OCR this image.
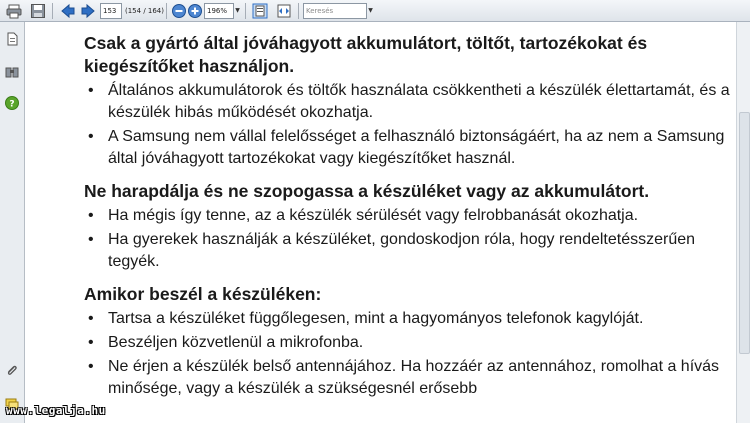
153	(154 / 164)	196%	▼	Keresés	▼
?

Csak a gyártó által jóváhagyott akkumulátort, töltőt, tartozékokat és kiegészítőket használjon.

• Általános akkumulátorok és töltők használata csökkentheti a készülék élettartamát, és a készülék hibás működését okozhatja.

• A Samsung nem vállal felelősséget a felhasználó biztonságáért, ha az nem a Samsung által jóváhagyott tartozékokat vagy kiegészítőket használ.

Ne harapdálja és ne szopogassa a készüléket vagy az akkumulátort.

• Ha mégis így tenne, az a készülék sérülését vagy felrobbanását okozhatja.

• Ha gyerekek használják a készüléket, gondoskodjon róla, hogy rendeltetésszerűen tegyék.

Amikor beszél a készüléken:

• Tartsa a készüléket függőlegesen, mint a hagyományos telefonok kagylóját.

• Beszéljen közvetlenül a mikrofonba.

• Ne érjen a készülék belső antennájához. Ha hozzáér az antennához, romolhat a hívás minősége, vagy a készülék a szükségesnél erősebb

www.legalja.hu
